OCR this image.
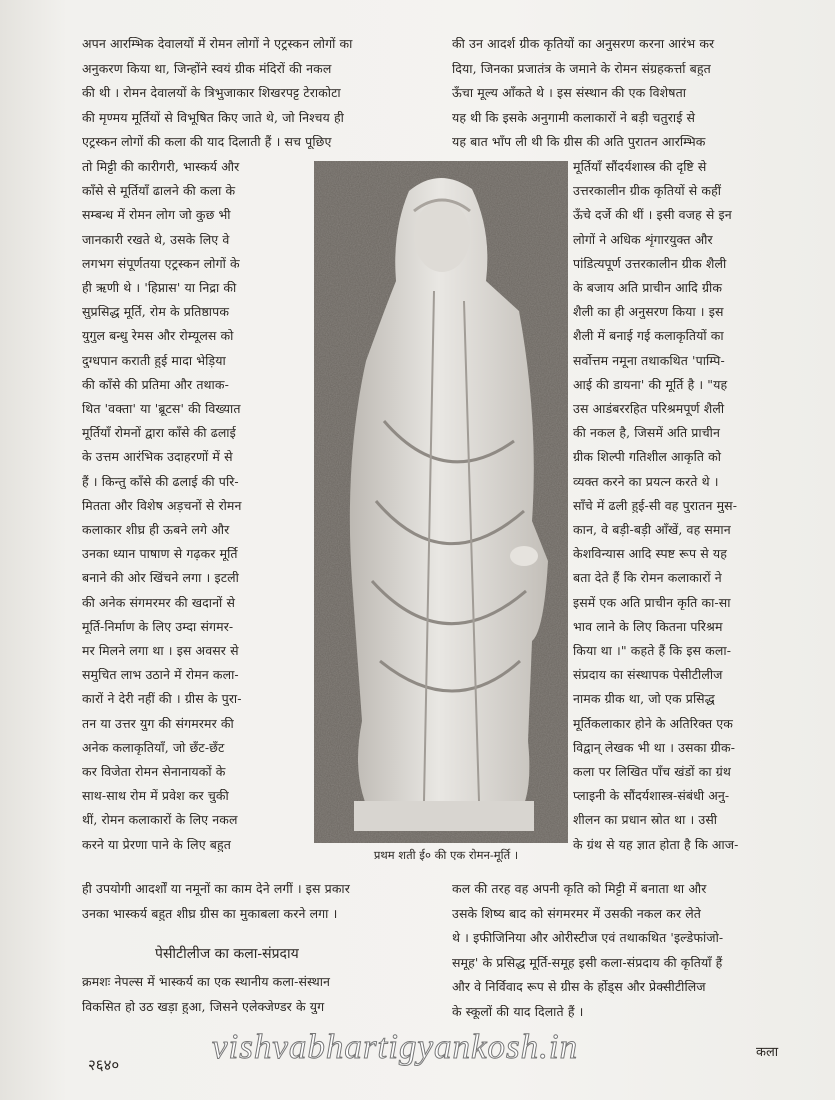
अपन आरम्भिक देवालयों में रोमन लोगों ने एट्रस्कन लोगों का
अनुकरण किया था, जिन्होंने स्वयं ग्रीक मंदिरों की नकल
की थी । रोमन देवालयों के त्रिभुजाकार शिखरपट्ट टेराकोटा
की मृण्मय मूर्तियों से विभूषित किए जाते थे, जो निश्चय ही
एट्रस्कन लोगों की कला की याद दिलाती हैं । सच पूछिए
की उन आदर्श ग्रीक कृतियों का अनुसरण करना आरंभ कर
दिया, जिनका प्रजातंत्र के जमाने के रोमन संग्रहकर्त्ता बहुत
ऊँचा मूल्य आँकते थे । इस संस्थान की एक विशेषता
यह थी कि इसके अनुगामी कलाकारों ने बड़ी चतुराई से
यह बात भाँप ली थी कि ग्रीस की अति पुरातन आरम्भिक
तो मिट्टी की कारीगरी, भास्कर्य और
काँसे से मूर्तियाँ ढालने की कला के
सम्बन्ध में रोमन लोग जो कुछ भी
जानकारी रखते थे, उसके लिए वे
लगभग संपूर्णतया एट्रस्कन लोगों के
ही ऋणी थे । 'हिप्नास' या निद्रा की
सुप्रसिद्ध मूर्ति, रोम के प्रतिष्ठापक
युगुल बन्धु रेमस और रोम्यूलस को
दुग्धपान कराती हुई मादा भेड़िया
की काँसे की प्रतिमा और तथाक-
थित 'वक्ता' या 'ब्रूटस' की विख्यात
मूर्तियाँ रोमनों द्वारा काँसे की ढलाई
के उत्तम आरंभिक उदाहरणों में से
हैं । किन्तु काँसे की ढलाई की परि-
मितता और विशेष अड़चनों से रोमन
कलाकार शीघ्र ही ऊबने लगे और
उनका ध्यान पाषाण से गढ़कर मूर्ति
बनाने की ओर खिंचने लगा । इटली
की अनेक संगमरमर की खदानों से
मूर्ति-निर्माण के लिए उम्दा संगमर-
मर मिलने लगा था । इस अवसर से
समुचित लाभ उठाने में रोमन कला-
कारों ने देरी नहीं की । ग्रीस के पुरा-
तन या उत्तर युग की संगमरमर की
अनेक कलाकृतियाँ, जो छँट-छँट
कर विजेता रोमन सेनानायकों के
साथ-साथ रोम में प्रवेश कर चुकी
थीं, रोमन कलाकारों के लिए नकल
करने या प्रेरणा पाने के लिए बहुत
मूर्तियाँ सौंदर्यशास्त्र की दृष्टि से
उत्तरकालीन ग्रीक कृतियों से कहीं
ऊँचे दर्जे की थीं । इसी वजह से इन
लोगों ने अधिक शृंगारयुक्त और
पांडित्यपूर्ण उत्तरकालीन ग्रीक शैली
के बजाय अति प्राचीन आदि ग्रीक
शैली का ही अनुसरण किया । इस
शैली में बनाई गई कलाकृतियों का
सर्वोत्तम नमूना तथाकथित 'पाम्पि-
आई की डायना' की मूर्ति है । "यह
उस आडंबररहित परिश्रमपूर्ण शैली
की नकल है, जिसमें अति प्राचीन
ग्रीक शिल्पी गतिशील आकृति को
व्यक्त करने का प्रयत्न करते थे ।
साँचे में ढली हुई-सी वह पुरातन मुस-
कान, वे बड़ी-बड़ी आँखें, वह समान
केशविन्यास आदि स्पष्ट रूप से यह
बता देते हैं कि रोमन कलाकारों ने
इसमें एक अति प्राचीन कृति का-सा
भाव लाने के लिए कितना परिश्रम
किया था ।" कहते हैं कि इस कला-
संप्रदाय का संस्थापक पेसीटीलीज
नामक ग्रीक था, जो एक प्रसिद्ध
मूर्तिकलाकार होने के अतिरिक्त एक
विद्वान् लेखक भी था । उसका ग्रीक-
कला पर लिखित पाँच खंडों का ग्रंथ
प्लाइनी के सौंदर्यशास्त्र-संबंधी अनु-
शीलन का प्रधान स्रोत था । उसी
के ग्रंथ से यह ज्ञात होता है कि आज-
प्रथम शती ई० की एक रोमन-मूर्ति ।
ही उपयोगी आदर्शों या नमूनों का काम देने लगीं । इस प्रकार
उनका भास्कर्य बहुत शीघ्र ग्रीस का मुकाबला करने लगा ।
पेसीटीलीज का कला-संप्रदाय
क्रमशः नेपल्स में भास्कर्य का एक स्थानीय कला-संस्थान
विकसित हो उठ खड़ा हुआ, जिसने एलेक्जेण्डर के युग
कल की तरह वह अपनी कृति को मिट्टी में बनाता था और
उसके शिष्य बाद को संगमरमर में उसकी नकल कर लेते
थे । इफीजिनिया और ओरीस्टीज एवं तथाकथित 'इल्डेफांजो-
समूह' के प्रसिद्ध मूर्ति-समूह इसी कला-संप्रदाय की कृतियाँ हैं
और वे निर्विवाद रूप से ग्रीस के र्होड्स और प्रेक्सीटीलिज
के स्कूलों की याद दिलाते हैं ।
२६४०	vishvabhartigyankosh.in	कला
